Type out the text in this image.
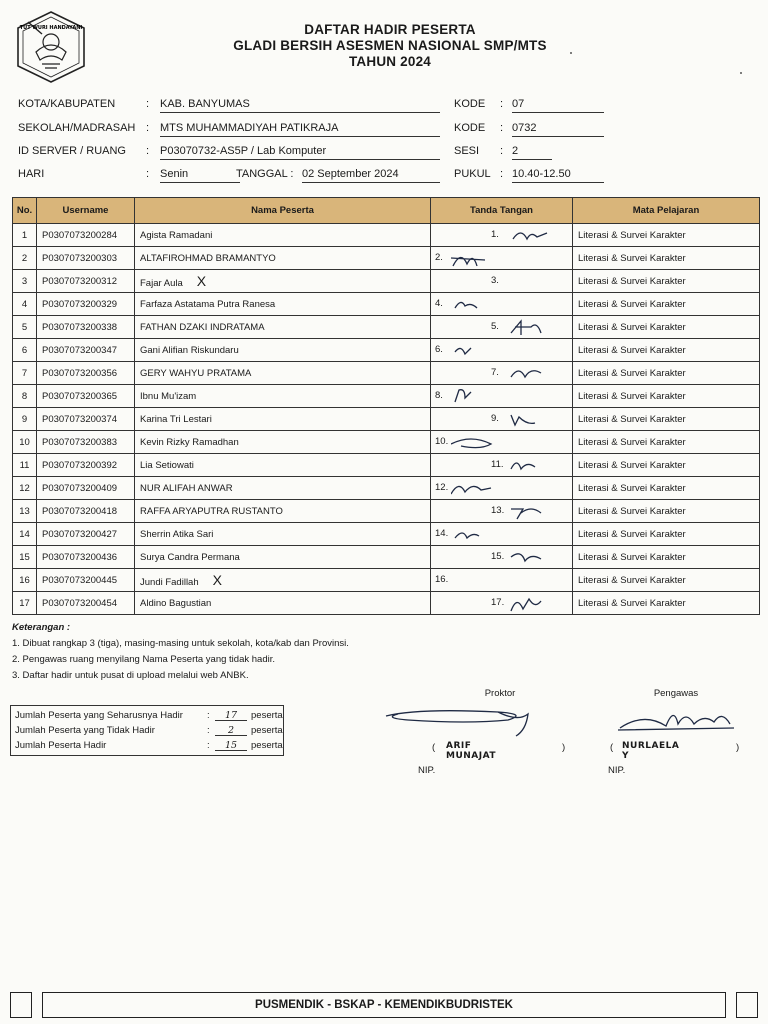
TUT WURI HANDAYANI	DAFTAR HADIR PESERTA
GLADI BERSIH ASESMEN NASIONAL SMP/MTS
TAHUN 2024
KOTA/KABUPATEN	: KAB. BANYUMAS	KODE : 07
SEKOLAH/MADRASAH : MTS MUHAMMADIYAH PATIKRAJA	KODE : 0732
ID SERVER / RUANG : P03070732-AS5P / Lab Komputer	SESI : 2
HARI	: Senin	TANGGAL : 02 September 2024	PUKUL : 10.40-12.50
No.	Username	Nama Peserta	Tanda Tangan	Mata Pelajaran
1	P0307073200284	Agista Ramadani	1.	Literasi & Survei Karakter
2	P0307073200303	ALTAFIROHMAD BRAMANTYO	2.	Literasi & Survei Karakter
3	P0307073200312	Fajar Aula X	3.	Literasi & Survei Karakter
4	P0307073200329	Farfaza Astatama Putra Ranesa	4.	Literasi & Survei Karakter
5	P0307073200338	FATHAN DZAKI INDRATAMA	5.	Literasi & Survei Karakter
6	P0307073200347	Gani Alifian Riskundaru	6.	Literasi & Survei Karakter
7	P0307073200356	GERY WAHYU PRATAMA	7.	Literasi & Survei Karakter
8	P0307073200365	Ibnu Mu'izam	8.	Literasi & Survei Karakter
9	P0307073200374	Karina Tri Lestari	9.	Literasi & Survei Karakter
10	P0307073200383	Kevin Rizky Ramadhan	10.	Literasi & Survei Karakter
11	P0307073200392	Lia Setiowati	11.	Literasi & Survei Karakter
12	P0307073200409	NUR ALIFAH ANWAR	12.	Literasi & Survei Karakter
13	P0307073200418	RAFFA ARYAPUTRA RUSTANTO	13.	Literasi & Survei Karakter
14	P0307073200427	Sherrin Atika Sari	14.	Literasi & Survei Karakter
15	P0307073200436	Surya Candra Permana	15.	Literasi & Survei Karakter
16	P0307073200445	Jundi Fadillah X	16.	Literasi & Survei Karakter
17	P0307073200454	Aldino Bagustian	17.	Literasi & Survei Karakter
Keterangan :
1. Dibuat rangkap 3 (tiga), masing-masing untuk sekolah, kota/kab dan Provinsi.
2. Pengawas ruang menyilang Nama Peserta yang tidak hadir.
3. Daftar hadir untuk pusat di upload melalui web ANBK.
Jumlah Peserta yang Seharusnya Hadir	:	17	peserta
Jumlah Peserta yang Tidak Hadir	:	2	peserta
Jumlah Peserta Hadir	:	15	peserta
Proktor
( ARIF MUNAJAT
)
NIP.
Pengawas
( NURLAELA Y
)
NIP.
PUSMENDIK - BSKAP - KEMENDIKBUDRISTEK
